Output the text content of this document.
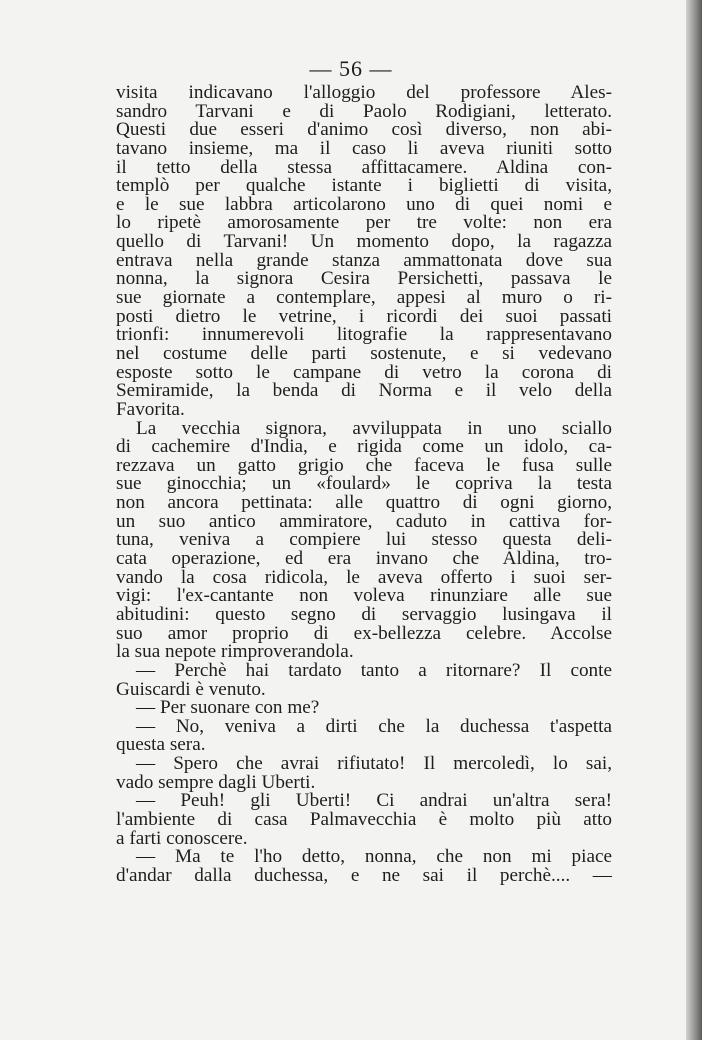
— 56 —
visita indicavano l'alloggio del professore Ales-
sandro Tarvani e di Paolo Rodigiani, letterato.
Questi due esseri d'animo così diverso, non abi-
tavano insieme, ma il caso li aveva riuniti sotto
il tetto della stessa affittacamere. Aldina con-
templò per qualche istante i biglietti di visita,
e le sue labbra articolarono uno di quei nomi e
lo ripetè amorosamente per tre volte: non era
quello di Tarvani! Un momento dopo, la ragazza
entrava nella grande stanza ammattonata dove sua
nonna, la signora Cesira Persichetti, passava le
sue giornate a contemplare, appesi al muro o ri-
posti dietro le vetrine, i ricordi dei suoi passati
trionfi: innumerevoli litografie la rappresentavano
nel costume delle parti sostenute, e si vedevano
esposte sotto le campane di vetro la corona di
Semiramide, la benda di Norma e il velo della
Favorita.
La vecchia signora, avviluppata in uno sciallo
di cachemire d'India, e rigida come un idolo, ca-
rezzava un gatto grigio che faceva le fusa sulle
sue ginocchia; un «foulard» le copriva la testa
non ancora pettinata: alle quattro di ogni giorno,
un suo antico ammiratore, caduto in cattiva for-
tuna, veniva a compiere lui stesso questa deli-
cata operazione, ed era invano che Aldina, tro-
vando la cosa ridicola, le aveva offerto i suoi ser-
vigi: l'ex-cantante non voleva rinunziare alle sue
abitudini: questo segno di servaggio lusingava il
suo amor proprio di ex-bellezza celebre. Accolse
la sua nepote rimproverandola.
— Perchè hai tardato tanto a ritornare? Il conte
Guiscardi è venuto.
— Per suonare con me?
— No, veniva a dirti che la duchessa t'aspetta
questa sera.
— Spero che avrai rifiutato! Il mercoledì, lo sai,
vado sempre dagli Uberti.
— Peuh! gli Uberti! Ci andrai un'altra sera!
l'ambiente di casa Palmavecchia è molto più atto
a farti conoscere.
— Ma te l'ho detto, nonna, che non mi piace
d'andar dalla duchessa, e ne sai il perchè.... —
